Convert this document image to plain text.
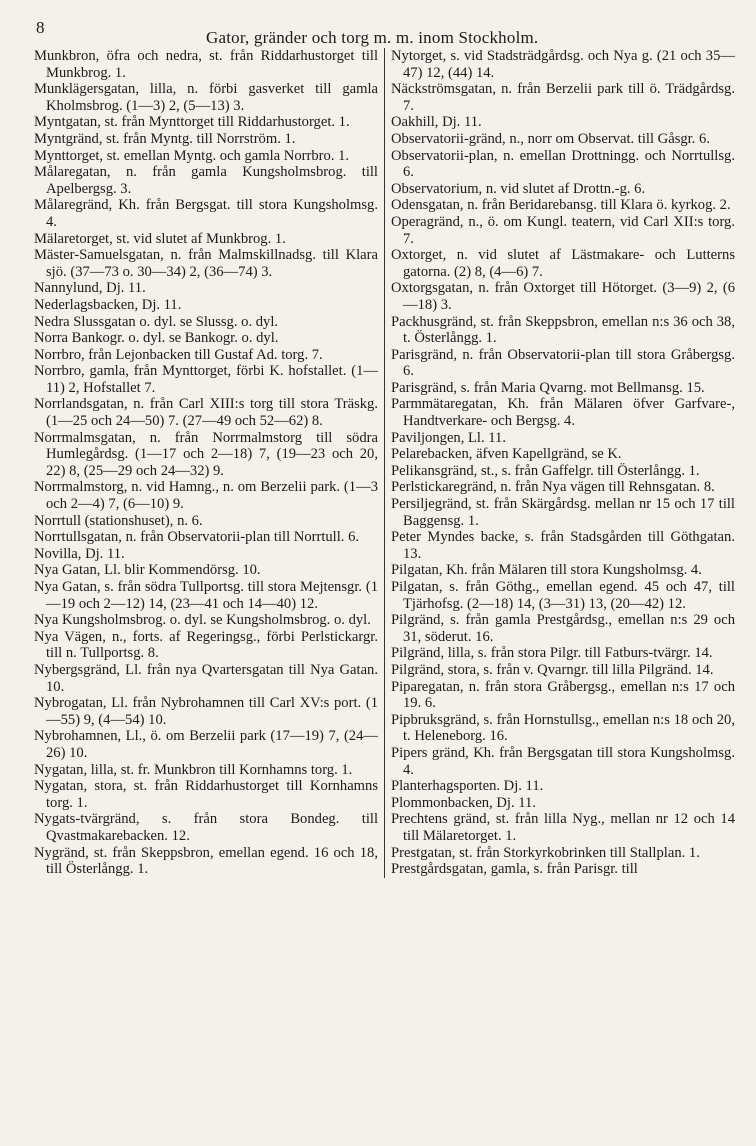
8
Gator, gränder och torg m. m. inom Stockholm.

Munkbron, öfra och nedra, st. från Riddarhustorget till Munkbrog. 1.

Munklägersgatan, lilla, n. förbi gasverket till gamla Kholmsbrog. (1—3) 2, (5—13) 3.

Myntgatan, st. från Mynttorget till Riddarhustorget. 1.

Myntgränd, st. från Myntg. till Norrström. 1.

Mynttorget, st. emellan Myntg. och gamla Norrbro. 1.

Målaregatan, n. från gamla Kungsholmsbrog. till Apelbergsg. 3.

Målaregränd, Kh. från Bergsgat. till stora Kungsholmsg. 4.

Mälaretorget, st. vid slutet af Munkbrog. 1.

Mäster-Samuelsgatan, n. från Malmskillnadsg. till Klara sjö. (37—73 o. 30—34) 2, (36—74) 3.

Nannylund, Dj. 11.

Nederlagsbacken, Dj. 11.

Nedra Slussgatan o. dyl. se Slussg. o. dyl.

Norra Bankogr. o. dyl. se Bankogr. o. dyl.

Norrbro, från Lejonbacken till Gustaf Ad. torg. 7.

Norrbro, gamla, från Mynttorget, förbi K. hofstallet. (1—11) 2, Hofstallet 7.

Norrlandsgatan, n. från Carl XIII:s torg till stora Träskg. (1—25 och 24—50) 7. (27—49 och 52—62) 8.

Norrmalmsgatan, n. från Norrmalmstorg till södra Humlegårdsg. (1—17 och 2—18) 7, (19—23 och 20, 22) 8, (25—29 och 24—32) 9.

Norrmalmstorg, n. vid Hamng., n. om Berzelii park. (1—3 och 2—4) 7, (6—10) 9.

Norrtull (stationshuset), n. 6.

Norrtullsgatan, n. från Observatorii-plan till Norrtull. 6.

Novilla, Dj. 11.

Nya Gatan, Ll. blir Kommendörsg. 10.

Nya Gatan, s. från södra Tullportsg. till stora Mejtensgr. (1—19 och 2—12) 14, (23—41 och 14—40) 12.

Nya Kungsholmsbrog. o. dyl. se Kungsholmsbrog. o. dyl.

Nya Vägen, n., forts. af Regeringsg., förbi Perlstickargr. till n. Tullportsg. 8.

Nybergsgränd, Ll. från nya Qvartersgatan till Nya Gatan. 10.

Nybrogatan, Ll. från Nybrohamnen till Carl XV:s port. (1—55) 9, (4—54) 10.

Nybrohamnen, Ll., ö. om Berzelii park (17—19) 7, (24—26) 10.

Nygatan, lilla, st. fr. Munkbron till Kornhamns torg. 1.

Nygatan, stora, st. från Riddarhustorget till Kornhamns torg. 1.

Nygats-tvärgränd, s. från stora Bondeg. till Qvastmakarebacken. 12.

Nygränd, st. från Skeppsbron, emellan egend. 16 och 18, till Österlångg. 1.

Nytorget, s. vid Stadsträdgårdsg. och Nya g. (21 och 35—47) 12, (44) 14.

Näckströmsgatan, n. från Berzelii park till ö. Trädgårdsg. 7.

Oakhill, Dj. 11.

Observatorii-gränd, n., norr om Observat. till Gåsgr. 6.

Observatorii-plan, n. emellan Drottningg. och Norrtullsg. 6.

Observatorium, n. vid slutet af Drottn.-g. 6.

Odensgatan, n. från Beridarebansg. till Klara ö. kyrkog. 2.

Operagränd, n., ö. om Kungl. teatern, vid Carl XII:s torg. 7.

Oxtorget, n. vid slutet af Lästmakare- och Lutterns gatorna. (2) 8, (4—6) 7.

Oxtorgsgatan, n. från Oxtorget till Hötorget. (3—9) 2, (6—18) 3.

Packhusgränd, st. från Skeppsbron, emellan n:s 36 och 38, t. Österlångg. 1.

Parisgränd, n. från Observatorii-plan till stora Gråbergsg. 6.

Parisgränd, s. från Maria Qvarng. mot Bellmansg. 15.

Parmmätaregatan, Kh. från Mälaren öfver Garfvare-, Handtverkare- och Bergsg. 4.

Paviljongen, Ll. 11.

Pelarebacken, äfven Kapellgränd, se K.

Pelikansgränd, st., s. från Gaffelgr. till Österlångg. 1.

Perlstickaregränd, n. från Nya vägen till Rehnsgatan. 8.

Persiljegränd, st. från Skärgårdsg. mellan nr 15 och 17 till Baggensg. 1.

Peter Myndes backe, s. från Stadsgården till Göthgatan. 13.

Pilgatan, Kh. från Mälaren till stora Kungsholmsg. 4.

Pilgatan, s. från Göthg., emellan egend. 45 och 47, till Tjärhofsg. (2—18) 14, (3—31) 13, (20—42) 12.

Pilgränd, s. från gamla Prestgårdsg., emellan n:s 29 och 31, söderut. 16.

Pilgränd, lilla, s. från stora Pilgr. till Fatburs-tvärgr. 14.

Pilgränd, stora, s. från v. Qvarngr. till lilla Pilgränd. 14.

Piparegatan, n. från stora Gråbergsg., emellan n:s 17 och 19. 6.

Pipbruksgränd, s. från Hornstullsg., emellan n:s 18 och 20, t. Heleneborg. 16.

Pipers gränd, Kh. från Bergsgatan till stora Kungsholmsg. 4.

Planterhagsporten. Dj. 11.

Plommonbacken, Dj. 11.

Prechtens gränd, st. från lilla Nyg., mellan nr 12 och 14 till Mälaretorget. 1.

Prestgatan, st. från Storkyrkobrinken till Stallplan. 1.

Prestgårdsgatan, gamla, s. från Parisgr. till
